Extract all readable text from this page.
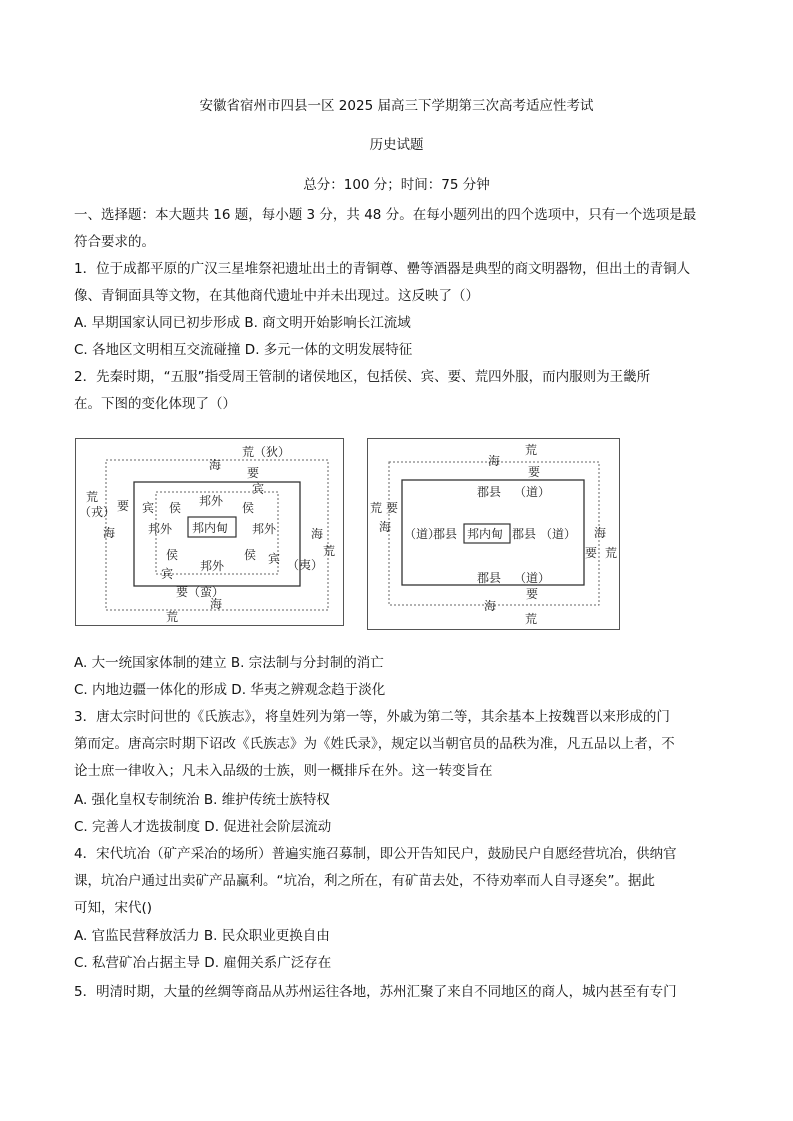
安徽省宿州市四县一区 2025 届高三下学期第三次高考适应性考试
历史试题
总分：100 分；时间：75 分钟
一、选择题：本大题共 16 题，每小题 3 分，共 48 分。在每小题列出的四个选项中，只有一个选项是最
符合要求的。
1．位于成都平原的广汉三星堆祭祀遗址出土的青铜尊、罍等酒器是典型的商文明器物，但出土的青铜人
像、青铜面具等文物，在其他商代遗址中并未出现过。这反映了（）
A. 早期国家认同已初步形成 B. 商文明开始影响长江流域
C. 各地区文明相互交流碰撞 D. 多元一体的文明发展特征
2．先秦时期，“五服”指受周王管制的诸侯地区，包括侯、宾、要、荒四外服，而内服则为王畿所
在。下图的变化体现了（）
荒（狄）
海
要
荒
（戎） 要
海	海
荒
（夷）
要（蛮）
海
荒
宾
宾
宾
宾
侯	侯
侯	侯
邦外
邦外	邦外
邦外
邦内甸
荒
海
要
荒 要
海	海
要 荒
要
海
荒
郡县 （道）
（道）
郡县 邦内甸 郡县 （道）
郡县 （道）
A. 大一统国家体制的建立 B. 宗法制与分封制的消亡
C. 内地边疆一体化的形成 D. 华夷之辨观念趋于淡化
3．唐太宗时问世的《氏族志》，将皇姓列为第一等，外戚为第二等，其余基本上按魏晋以来形成的门
第而定。唐高宗时期下诏改《氏族志》为《姓氏录》，规定以当朝官员的品秩为准，凡五品以上者，不
论士庶一律收入；凡未入品级的士族，则一概排斥在外。这一转变旨在
A. 强化皇权专制统治 B. 维护传统士族特权
C. 完善人才选拔制度 D. 促进社会阶层流动
4．宋代坑冶（矿产采冶的场所）普遍实施召募制，即公开告知民户，鼓励民户自愿经营坑冶，供纳官
课，坑冶户通过出卖矿产品赢利。“坑冶，利之所在，有矿苗去处，不待劝率而人自寻逐矣”。据此
可知，宋代()
A. 官监民营释放活力 B. 民众职业更换自由
C. 私营矿冶占据主导 D. 雇佣关系广泛存在
5．明清时期，大量的丝绸等商品从苏州运往各地，苏州汇聚了来自不同地区的商人，城内甚至有专门
